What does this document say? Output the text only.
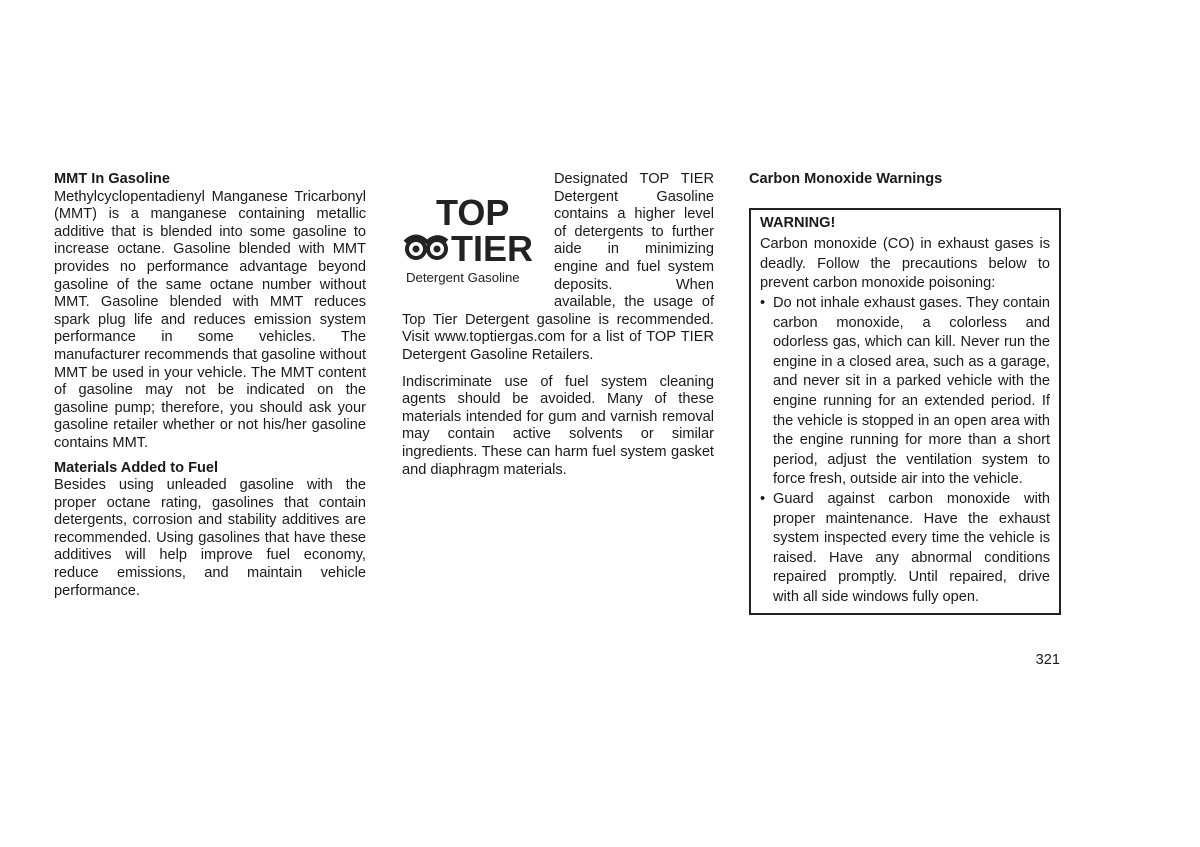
MMT In Gasoline

Methylcyclopentadienyl Manganese Tricarbonyl (MMT) is a manganese containing metallic additive that is blended into some gasoline to increase octane. Gasoline blended with MMT provides no performance advantage beyond gasoline of the same octane number without MMT. Gasoline blended with MMT reduces spark plug life and reduces emission system performance in some vehicles. The manufacturer recommends that gasoline without MMT be used in your vehicle. The MMT content of gasoline may not be indicated on the gasoline pump; therefore, you should ask your gasoline retailer whether or not his/her gasoline contains MMT.

Materials Added to Fuel

Besides using unleaded gasoline with the proper octane rating, gasolines that contain detergents, corrosion and stability additives are recommended. Using gasolines that have these additives will help improve fuel economy, reduce emissions, and maintain vehicle performance.

TOP
TIER
Detergent Gasoline

Designated TOP TIER Detergent Gasoline contains a higher level of detergents to further aide in minimizing engine and fuel system deposits. When available, the usage of Top Tier Detergent gasoline is recommended. Visit www.toptiergas.com for a list of TOP TIER Detergent Gasoline Retailers.

Indiscriminate use of fuel system cleaning agents should be avoided. Many of these materials intended for gum and varnish removal may contain active solvents or similar ingredients. These can harm fuel system gasket and diaphragm materials.

Carbon Monoxide Warnings
WARNING!

Carbon monoxide (CO) in exhaust gases is deadly. Follow the precautions below to prevent carbon monoxide poisoning:

• Do not inhale exhaust gases. They contain carbon monoxide, a colorless and odorless gas, which can kill. Never run the engine in a closed area, such as a garage, and never sit in a parked vehicle with the engine running for an extended period. If the vehicle is stopped in an open area with the engine running for more than a short period, adjust the ventilation system to force fresh, outside air into the vehicle.
• Guard against carbon monoxide with proper maintenance. Have the exhaust system inspected every time the vehicle is raised. Have any abnormal conditions repaired promptly. Until repaired, drive with all side windows fully open.
321
